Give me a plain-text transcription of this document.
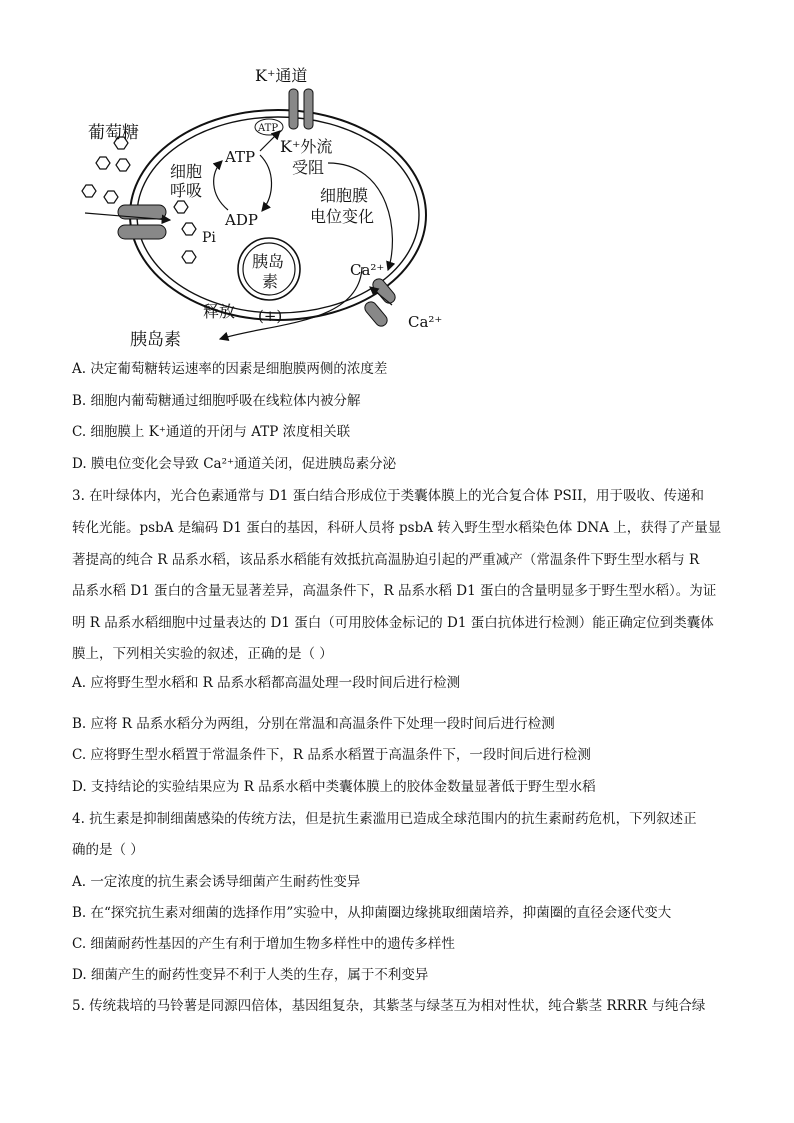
K⁺通道
ATP
葡萄糖
细胞
呼吸
ATP
ADP
Pi
K⁺外流
受阻
细胞膜
电位变化
Ca²⁺
Ca²⁺
胰岛
素
释放 (+)
胰岛素
A. 决定葡萄糖转运速率的因素是细胞膜两侧的浓度差
B. 细胞内葡萄糖通过细胞呼吸在线粒体内被分解
C. 细胞膜上 K⁺通道的开闭与 ATP 浓度相关联
D. 膜电位变化会导致 Ca²⁺通道关闭，促进胰岛素分泌
3. 在叶绿体内，光合色素通常与 D1 蛋白结合形成位于类囊体膜上的光合复合体 PSII，用于吸收、传递和
转化光能。psbA 是编码 D1 蛋白的基因，科研人员将 psbA 转入野生型水稻染色体 DNA 上，获得了产量显
著提高的纯合 R 品系水稻，该品系水稻能有效抵抗高温胁迫引起的严重减产（常温条件下野生型水稻与 R
品系水稻 D1 蛋白的含量无显著差异，高温条件下，R 品系水稻 D1 蛋白的含量明显多于野生型水稻）。为证
明 R 品系水稻细胞中过量表达的 D1 蛋白（可用胶体金标记的 D1 蛋白抗体进行检测）能正确定位到类囊体
膜上，下列相关实验的叙述，正确的是（ ）
A. 应将野生型水稻和 R 品系水稻都高温处理一段时间后进行检测
B. 应将 R 品系水稻分为两组，分别在常温和高温条件下处理一段时间后进行检测
C. 应将野生型水稻置于常温条件下，R 品系水稻置于高温条件下，一段时间后进行检测
D. 支持结论的实验结果应为 R 品系水稻中类囊体膜上的胶体金数量显著低于野生型水稻
4. 抗生素是抑制细菌感染的传统方法，但是抗生素滥用已造成全球范围内的抗生素耐药危机，下列叙述正
确的是（ ）
A. 一定浓度的抗生素会诱导细菌产生耐药性变异
B. 在“探究抗生素对细菌的选择作用”实验中，从抑菌圈边缘挑取细菌培养，抑菌圈的直径会逐代变大
C. 细菌耐药性基因的产生有利于增加生物多样性中的遗传多样性
D. 细菌产生的耐药性变异不利于人类的生存，属于不利变异
5. 传统栽培的马铃薯是同源四倍体，基因组复杂，其紫茎与绿茎互为相对性状，纯合紫茎 RRRR 与纯合绿
